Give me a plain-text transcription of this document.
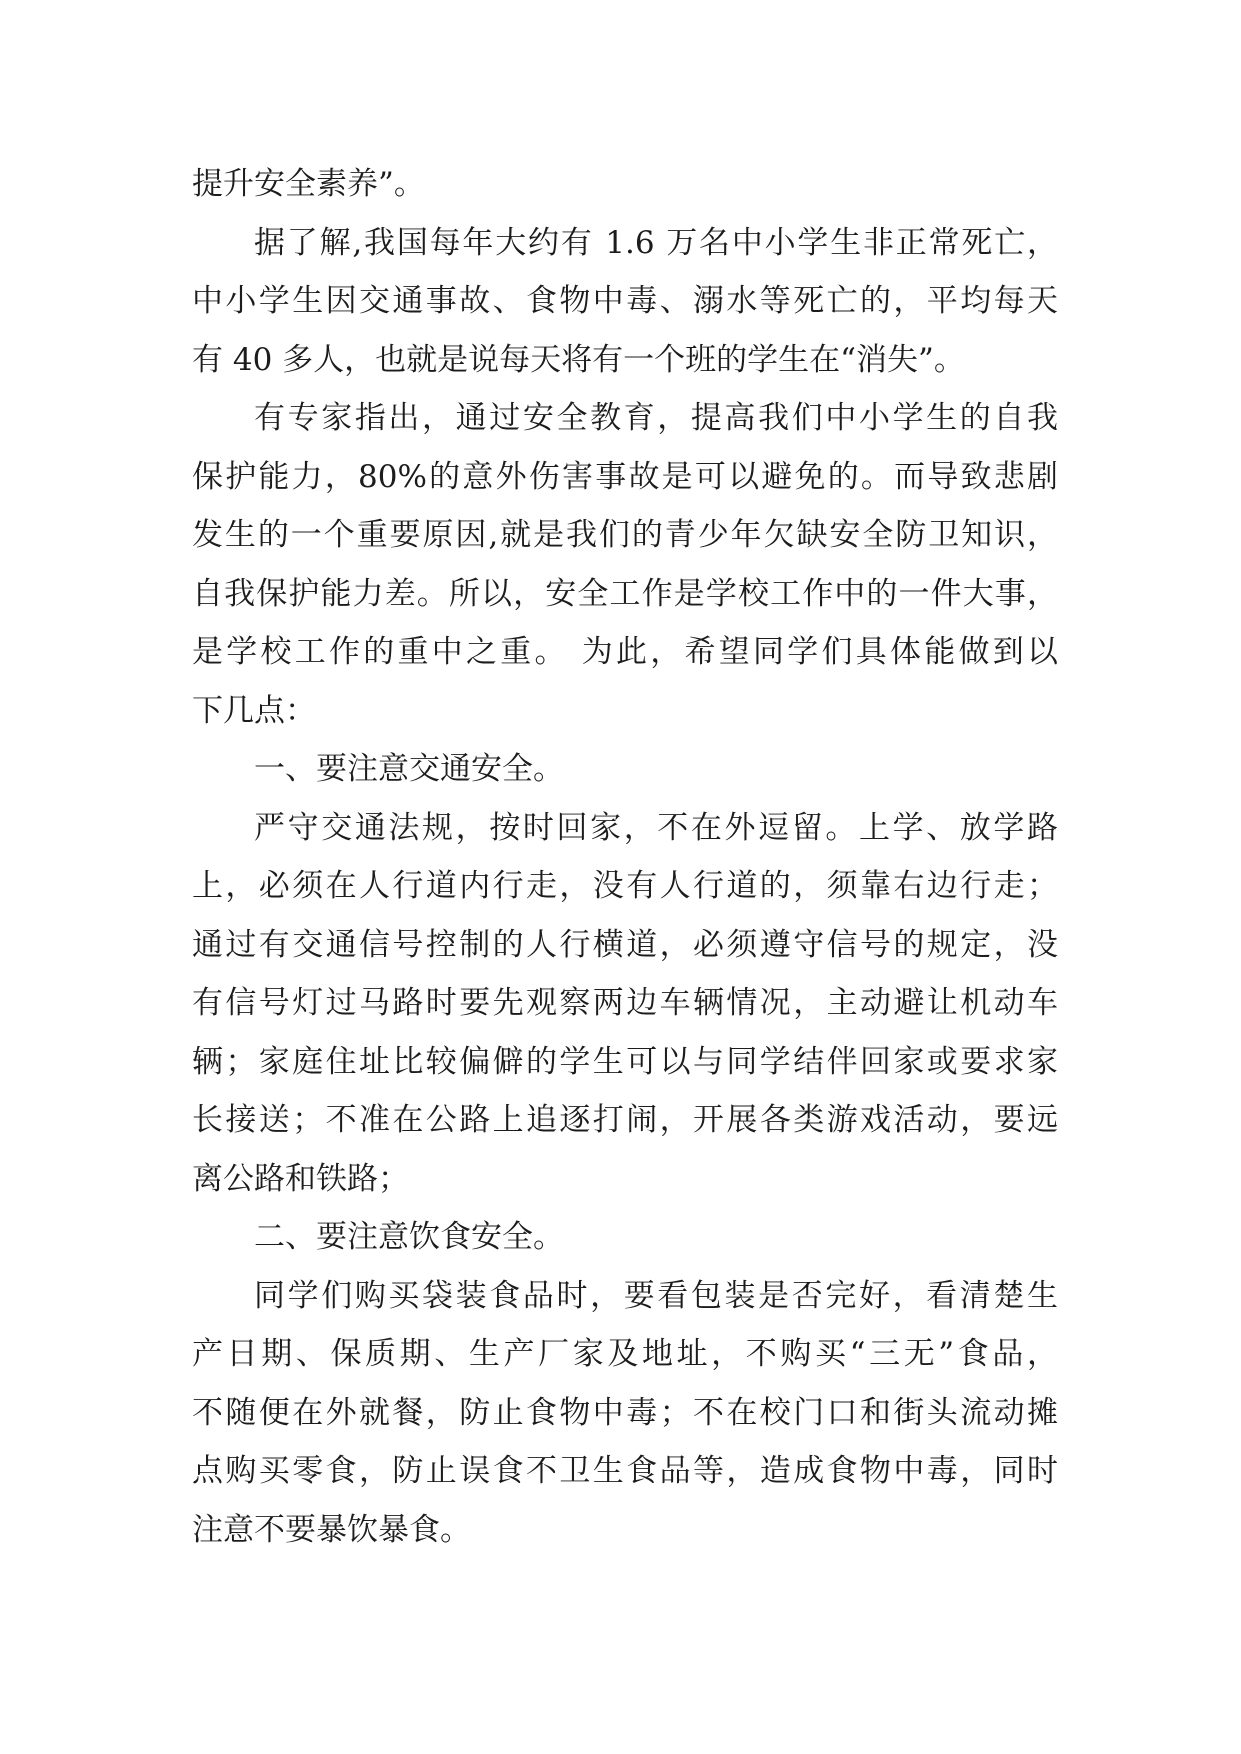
提升安全素养”。
据了解,我国每年大约有 1.6 万名中小学生非正常死亡，
中小学生因交通事故、食物中毒、溺水等死亡的，平均每天
有 40 多人，也就是说每天将有一个班的学生在“消失”。
有专家指出，通过安全教育，提高我们中小学生的自我
保护能力，80%的意外伤害事故是可以避免的。而导致悲剧
发生的一个重要原因,就是我们的青少年欠缺安全防卫知识，
自我保护能力差。所以，安全工作是学校工作中的一件大事，
是学校工作的重中之重。 为此，希望同学们具体能做到以
下几点：
一、要注意交通安全。
严守交通法规，按时回家，不在外逗留。上学、放学路
上，必须在人行道内行走，没有人行道的，须靠右边行走；
通过有交通信号控制的人行横道，必须遵守信号的规定，没
有信号灯过马路时要先观察两边车辆情况，主动避让机动车
辆；家庭住址比较偏僻的学生可以与同学结伴回家或要求家
长接送；不准在公路上追逐打闹，开展各类游戏活动，要远
离公路和铁路；
二、要注意饮食安全。
同学们购买袋装食品时，要看包装是否完好，看清楚生
产日期、保质期、生产厂家及地址，不购买“三无”食品，
不随便在外就餐，防止食物中毒；不在校门口和街头流动摊
点购买零食，防止误食不卫生食品等，造成食物中毒，同时
注意不要暴饮暴食。
